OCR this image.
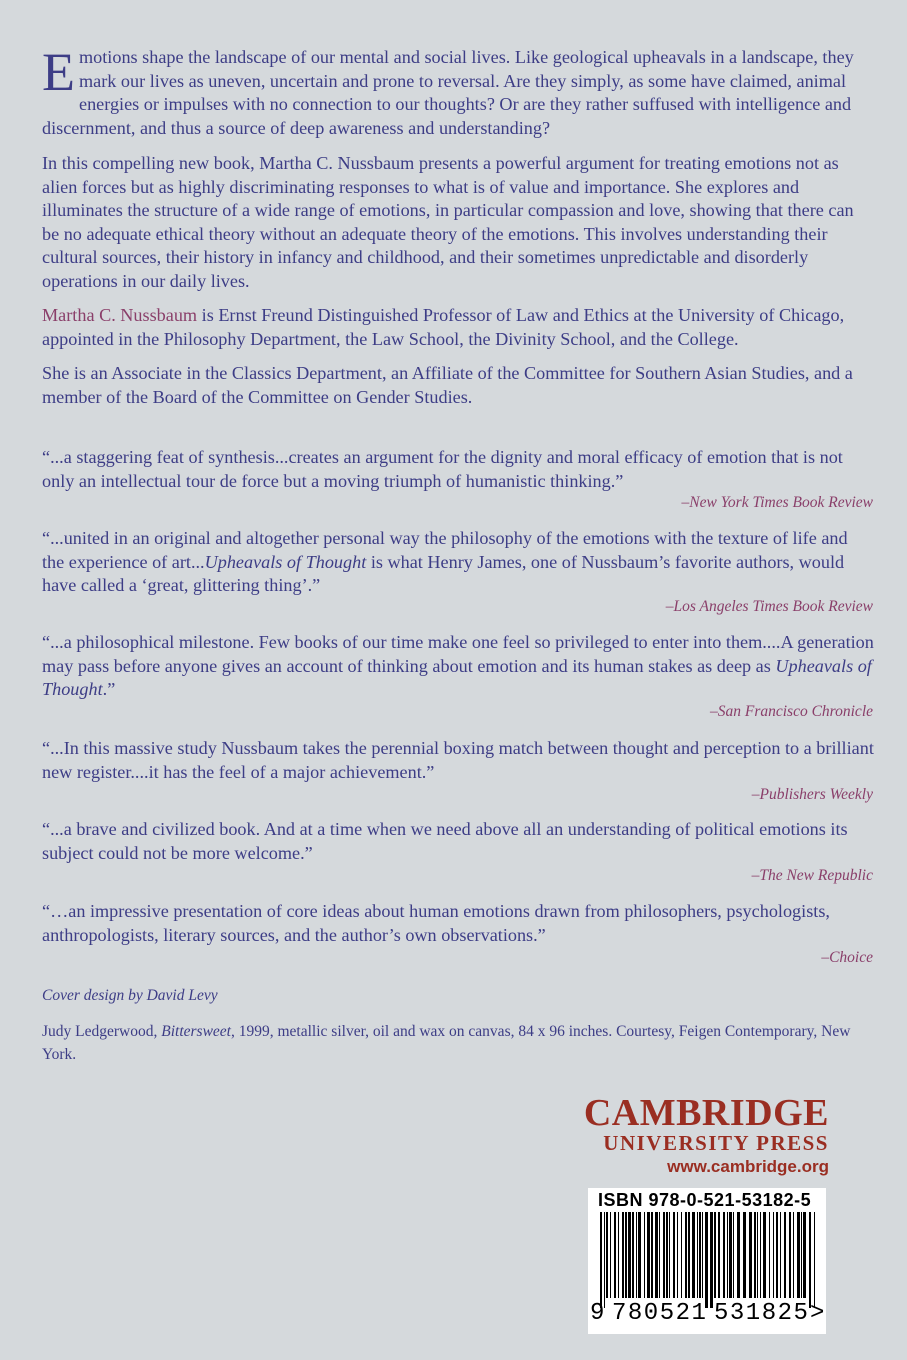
Emotions shape the landscape of our mental and social lives. Like geological upheavals in a landscape, they mark our lives as uneven, uncertain and prone to reversal. Are they simply, as some have claimed, animal energies or impulses with no connection to our thoughts? Or are they rather suffused with intelligence and discernment, and thus a source of deep awareness and understanding?

In this compelling new book, Martha C. Nussbaum presents a powerful argument for treating emotions not as alien forces but as highly discriminating responses to what is of value and importance. She explores and illuminates the structure of a wide range of emotions, in particular compassion and love, showing that there can be no adequate ethical theory without an adequate theory of the emotions. This involves understanding their cultural sources, their history in infancy and childhood, and their sometimes unpredictable and disorderly operations in our daily lives.

Martha C. Nussbaum is Ernst Freund Distinguished Professor of Law and Ethics at the University of Chicago, appointed in the Philosophy Department, the Law School, the Divinity School, and the College.

She is an Associate in the Classics Department, an Affiliate of the Committee for Southern Asian Studies, and a member of the Board of the Committee on Gender Studies.

“...a staggering feat of synthesis...creates an argument for the dignity and moral efficacy of emotion that is not only an intellectual tour de force but a moving triumph of humanistic thinking.”

–New York Times Book Review

“...united in an original and altogether personal way the philosophy of the emotions with the texture of life and the experience of art...Upheavals of Thought is what Henry James, one of Nussbaum’s favorite authors, would have called a ‘great, glittering thing’.”

–Los Angeles Times Book Review

“...a philosophical milestone. Few books of our time make one feel so privileged to enter into them....A generation may pass before anyone gives an account of thinking about emotion and its human stakes as deep as Upheavals of Thought.”

–San Francisco Chronicle

“...In this massive study Nussbaum takes the perennial boxing match between thought and perception to a brilliant new register....it has the feel of a major achievement.”

–Publishers Weekly

“...a brave and civilized book. And at a time when we need above all an understanding of political emotions its subject could not be more welcome.”

–The New Republic

“…an impressive presentation of core ideas about human emotions drawn from philosophers, psychologists, anthropologists, literary sources, and the author’s own observations.”

–Choice

Cover design by David Levy

Judy Ledgerwood, Bittersweet, 1999, metallic silver, oil and wax on canvas, 84 x 96 inches. Courtesy, Feigen Contemporary, New York.

CAMBRIDGE
UNIVERSITY PRESS
www.cambridge.org
ISBN 978-0-521-53182-5
9 780521 531825 >
